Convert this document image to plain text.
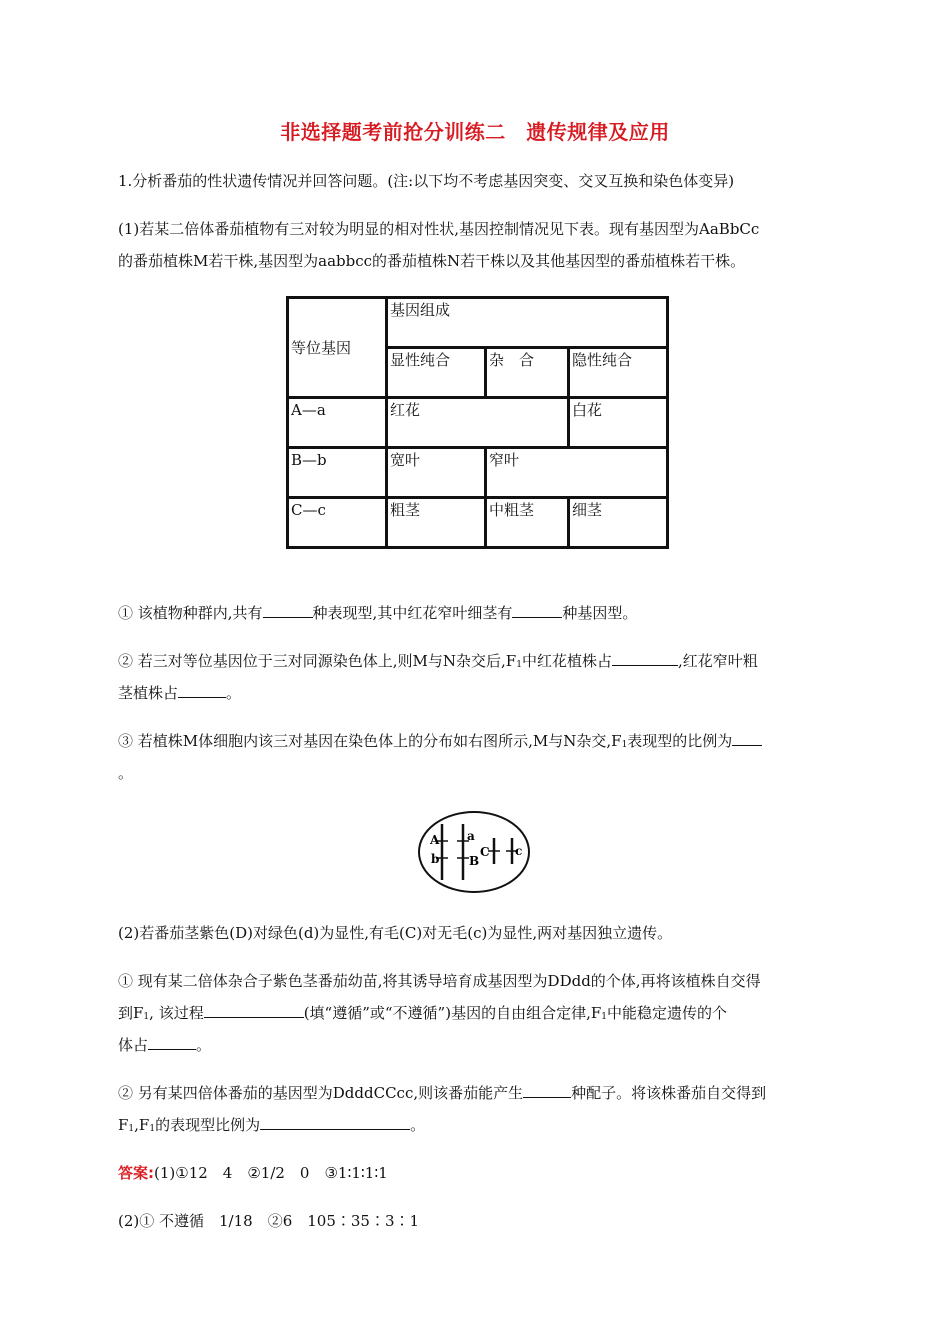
非选择题考前抢分训练二　遗传规律及应用
1.分析番茄的性状遗传情况并回答问题。(注:以下均不考虑基因突变、交叉互换和染色体变异)
(1)若某二倍体番茄植物有三对较为明显的相对性状,基因控制情况见下表。现有基因型为AaBbCc
的番茄植株M若干株,基因型为aabbcc的番茄植株N若干株以及其他基因型的番茄植株若干株。
等位基因	基因组成		
	显性纯合	杂　合	隐性纯合
A—a	红花		白花
B—b	宽叶	窄叶	
C—c	粗茎	中粗茎	细茎
① 该植物种群内,共有	种表现型,其中红花窄叶细茎有	种基因型。
② 若三对等位基因位于三对同源染色体上,则M与N杂交后,F1中红花植株占	,红花窄叶粗
茎植株占	。
③ 若植株M体细胞内该三对基因在染色体上的分布如右图所示,M与N杂交,F1表现型的比例为
。
A a
b B
C c
(2)若番茄茎紫色(D)对绿色(d)为显性,有毛(C)对无毛(c)为显性,两对基因独立遗传。
① 现有某二倍体杂合子紫色茎番茄幼苗,将其诱导培育成基因型为DDdd的个体,再将该植株自交得
到F1, 该过程	(填“遵循”或“不遵循”)基因的自由组合定律,F1中能稳定遗传的个
体占	。
② 另有某四倍体番茄的基因型为DdddCCcc,则该番茄能产生	种配子。将该株番茄自交得到
F1,F1的表现型比例为	。
答案:(1)①12　4　②1/2　0　③1∶1∶1∶1
(2)① 不遵循　1/18　②6　105∶35∶3∶1
